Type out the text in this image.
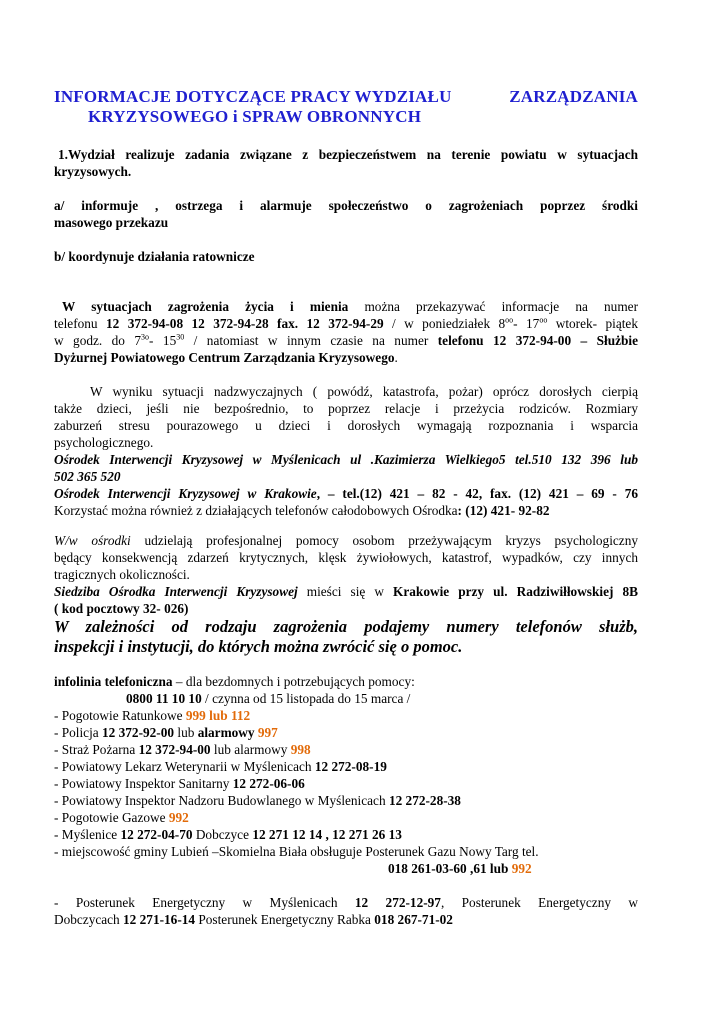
INFORMACJE DOTYCZĄCE PRACY WYDZIAŁU	ZARZĄDZANIA
KRYZYSOWEGO i SPRAW OBRONNYCH
1.Wydział realizuje zadania związane z bezpieczeństwem na terenie powiatu w sytuacjach
kryzysowych.
a/ informuje , ostrzega i alarmuje społeczeństwo o zagrożeniach poprzez środki
masowego przekazu
b/ koordynuje działania ratownicze
W sytuacjach zagrożenia życia i mienia można przekazywać informacje na numer
telefonu 12 372-94-08 12 372-94-28 fax. 12 372-94-29 / w poniedziałek $8^{oo}-$ $17^{oo}$ wtorek- piątek
w godz. do $7^{3o}-$ $15^{30}$ / natomiast w innym czasie na numer telefonu 12 372-94-00 – Służbie
Dyżurnej Powiatowego Centrum Zarządzania Kryzysowego.
W wyniku sytuacji nadzwyczajnych ( powódź, katastrofa, pożar) oprócz dorosłych cierpią
także dzieci, jeśli nie bezpośrednio, to poprzez relacje i przeżycia rodziców. Rozmiary
zaburzeń stresu pourazowego u dzieci i dorosłych wymagają rozpoznania i wsparcia
psychologicznego.
Ośrodek Interwencji Kryzysowej w Myślenicach ul .Kazimierza Wielkiego5 tel.510 132 396 lub
502 365 520
Ośrodek Interwencji Kryzysowej w Krakowie, – tel.(12) 421 – 82 - 42, fax. (12) 421 – 69 - 76
Korzystać można również z działających telefonów całodobowych Ośrodka: (12) 421- 92-82
W/w ośrodki udzielają profesjonalnej pomocy osobom przeżywającym kryzys psychologiczny
będący konsekwencją zdarzeń krytycznych, klęsk żywiołowych, katastrof, wypadków, czy innych
tragicznych okoliczności.
Siedziba Ośrodka Interwencji Kryzysowej mieści się w Krakowie przy ul. Radziwiłłowskiej 8B
( kod pocztowy 32- 026)
W zależności od rodzaju zagrożenia podajemy numery telefonów służb,
inspekcji i instytucji, do których można zwrócić się o pomoc.
infolinia telefoniczna – dla bezdomnych i potrzebujących pomocy:
0800 11 10 10 / czynna od 15 listopada do 15 marca /
- Pogotowie Ratunkowe 999 lub 112
- Policja 12 372-92-00 lub alarmowy 997
- Straż Pożarna 12 372-94-00 lub alarmowy 998
- Powiatowy Lekarz Weterynarii w Myślenicach 12 272-08-19
- Powiatowy Inspektor Sanitarny 12 272-06-06
- Powiatowy Inspektor Nadzoru Budowlanego w Myślenicach 12 272-28-38
- Pogotowie Gazowe 992
- Myślenice 12 272-04-70 Dobczyce 12 271 12 14 , 12 271 26 13
- miejscowość gminy Lubień –Skomielna Biała obsługuje Posterunek Gazu Nowy Targ tel.
018 261-03-60 ,61 lub 992
- Posterunek Energetyczny w Myślenicach 12 272-12-97, Posterunek Energetyczny w
Dobczycach 12 271-16-14 Posterunek Energetyczny Rabka 018 267-71-02
